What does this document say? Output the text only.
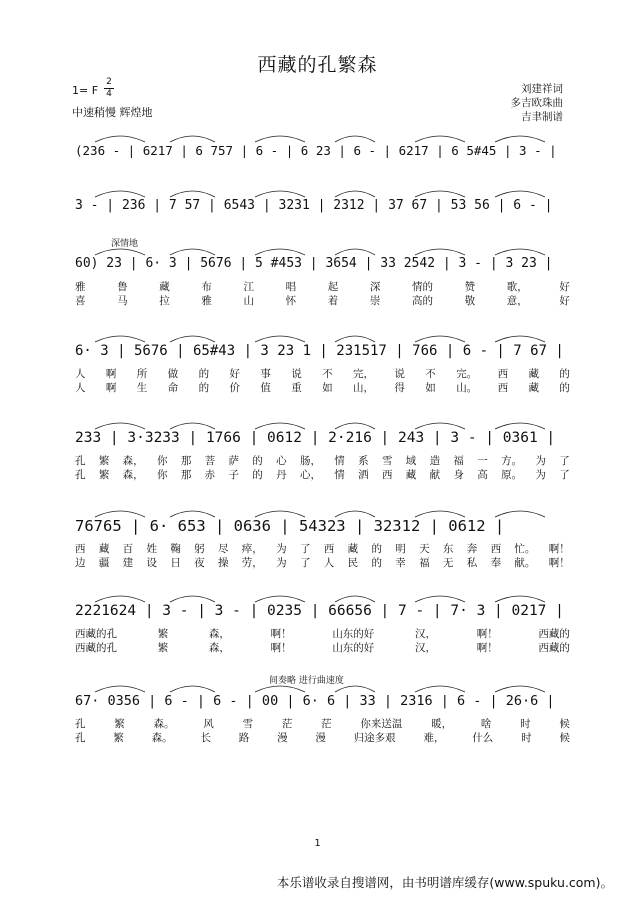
西藏的孔繁森
刘建祥词
多吉欧珠曲
吉聿制谱
1= F
2
4
中速稍慢 辉煌地
(236 - | 6217 | 6 757 | 6 - | 6 23 | 6 - | 6217 | 6 5#45 | 3 - |
3 - | 236 | 7 57 | 6543 | 3231 | 2312 | 37 67 | 53 56 | 6 - |
深情地
60) 23 | 6· 3 | 5676 | 5 #453 | 3654 | 33 2542 | 3 - | 3 23 |
雅	鲁	藏	布	江	唱	起	深	情的	赞	歌，	好
喜	马	拉	雅	山	怀	着	崇	高的	敬	意，	好
6· 3 | 5676 | 65#43 | 3 23 1 | 231517 | 766 | 6 - | 7 67 |
人 啊 所 做 的 好 事 说 不 完， 说 不 完。 西 藏 的
人 啊 生 命 的 价 值 重 如 山， 得 如 山。 西 藏 的
233 | 3·3233 | 1766 | 0612 | 2·216 | 243 | 3 - | 0361 |
孔 繁 森， 你 那 菩 萨 的 心 肠， 情 系 雪 域 造 福 一 方。 为 了
孔 繁 森， 你 那 赤 子 的 丹 心， 情 洒 西 藏 献 身 高 原。 为 了
76765 | 6· 653 | 0636 | 54323 | 32312 | 0612 |
西 藏 百 姓 鞠 躬 尽 瘁， 为 了 西 藏 的 明 天 东 奔 西 忙。 啊！
边 疆 建 设 日 夜 操 劳， 为 了 人 民 的 幸 福 无 私 奉 献。 啊！
2221624 | 3 - | 3 - | 0235 | 66656 | 7 - | 7· 3 | 0217 |
西藏的孔	繁	森，	啊！	山东的好	汉，	啊！	西藏的
西藏的孔	繁	森，	啊！	山东的好	汉，	啊！	西藏的
间奏略 进行曲速度
67· 0356 | 6 - | 6 - | 00 | 6· 6 | 33 | 2316 | 6 - | 26·6 |
孔	繁	森。	风	雪	茫	茫	你来送温	暖，	啥	时	候
孔	繁	森。	长	路	漫	漫	归途多艰	难，	什么	时	候
1
本乐谱收录自搜谱网，由书明谱库缓存(www.spuku.com)。
